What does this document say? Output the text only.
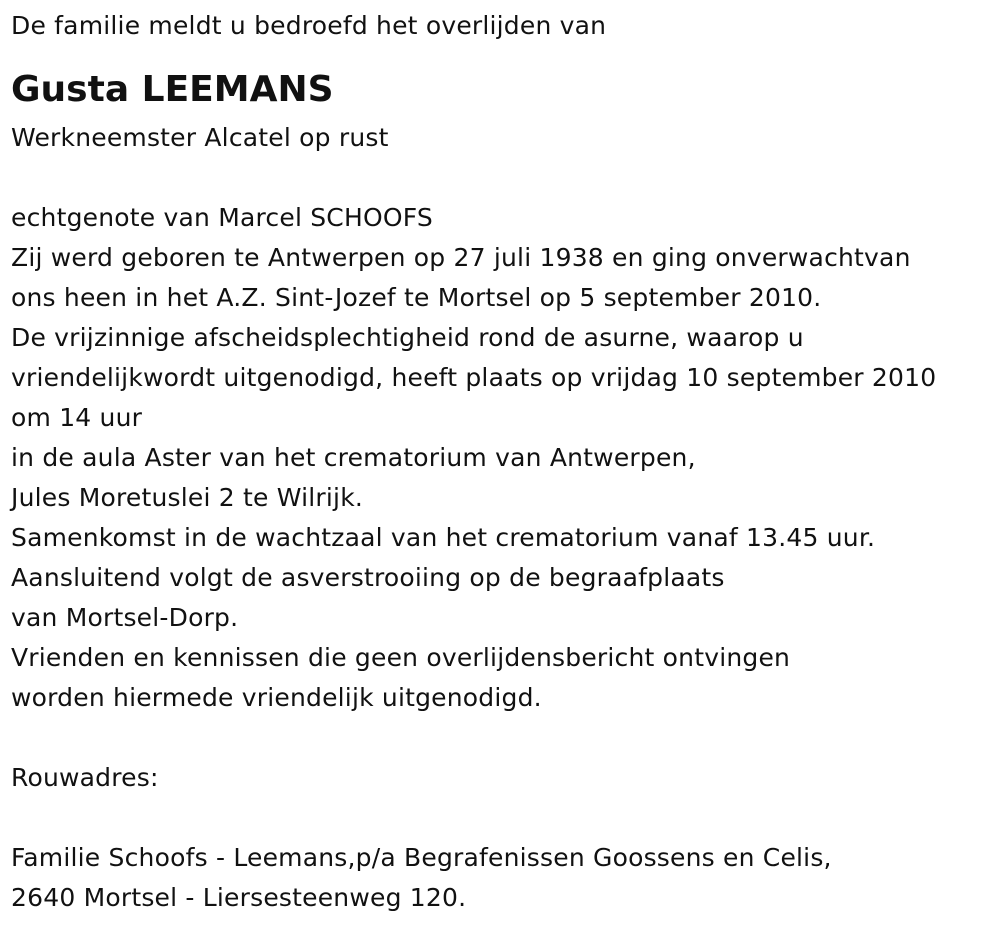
De familie meldt u bedroefd het overlijden van
Gusta LEEMANS
Werkneemster Alcatel op rust
echtgenote van Marcel SCHOOFS
Zij werd geboren te Antwerpen op 27 juli 1938 en ging onverwachtvan
ons heen in het A.Z. Sint-Jozef te Mortsel op 5 september 2010.
De vrijzinnige afscheidsplechtigheid rond de asurne, waarop u
vriendelijkwordt uitgenodigd, heeft plaats op vrijdag 10 september 2010
om 14 uur
in de aula Aster van het crematorium van Antwerpen,
Jules Moretuslei 2 te Wilrijk.
Samenkomst in de wachtzaal van het crematorium vanaf 13.45 uur.
Aansluitend volgt de asverstrooiing op de begraafplaats
van Mortsel-Dorp.
Vrienden en kennissen die geen overlijdensbericht ontvingen
worden hiermede vriendelijk uitgenodigd.
Rouwadres:
Familie Schoofs - Leemans,p/a Begrafenissen Goossens en Celis,
2640 Mortsel - Liersesteenweg 120.
